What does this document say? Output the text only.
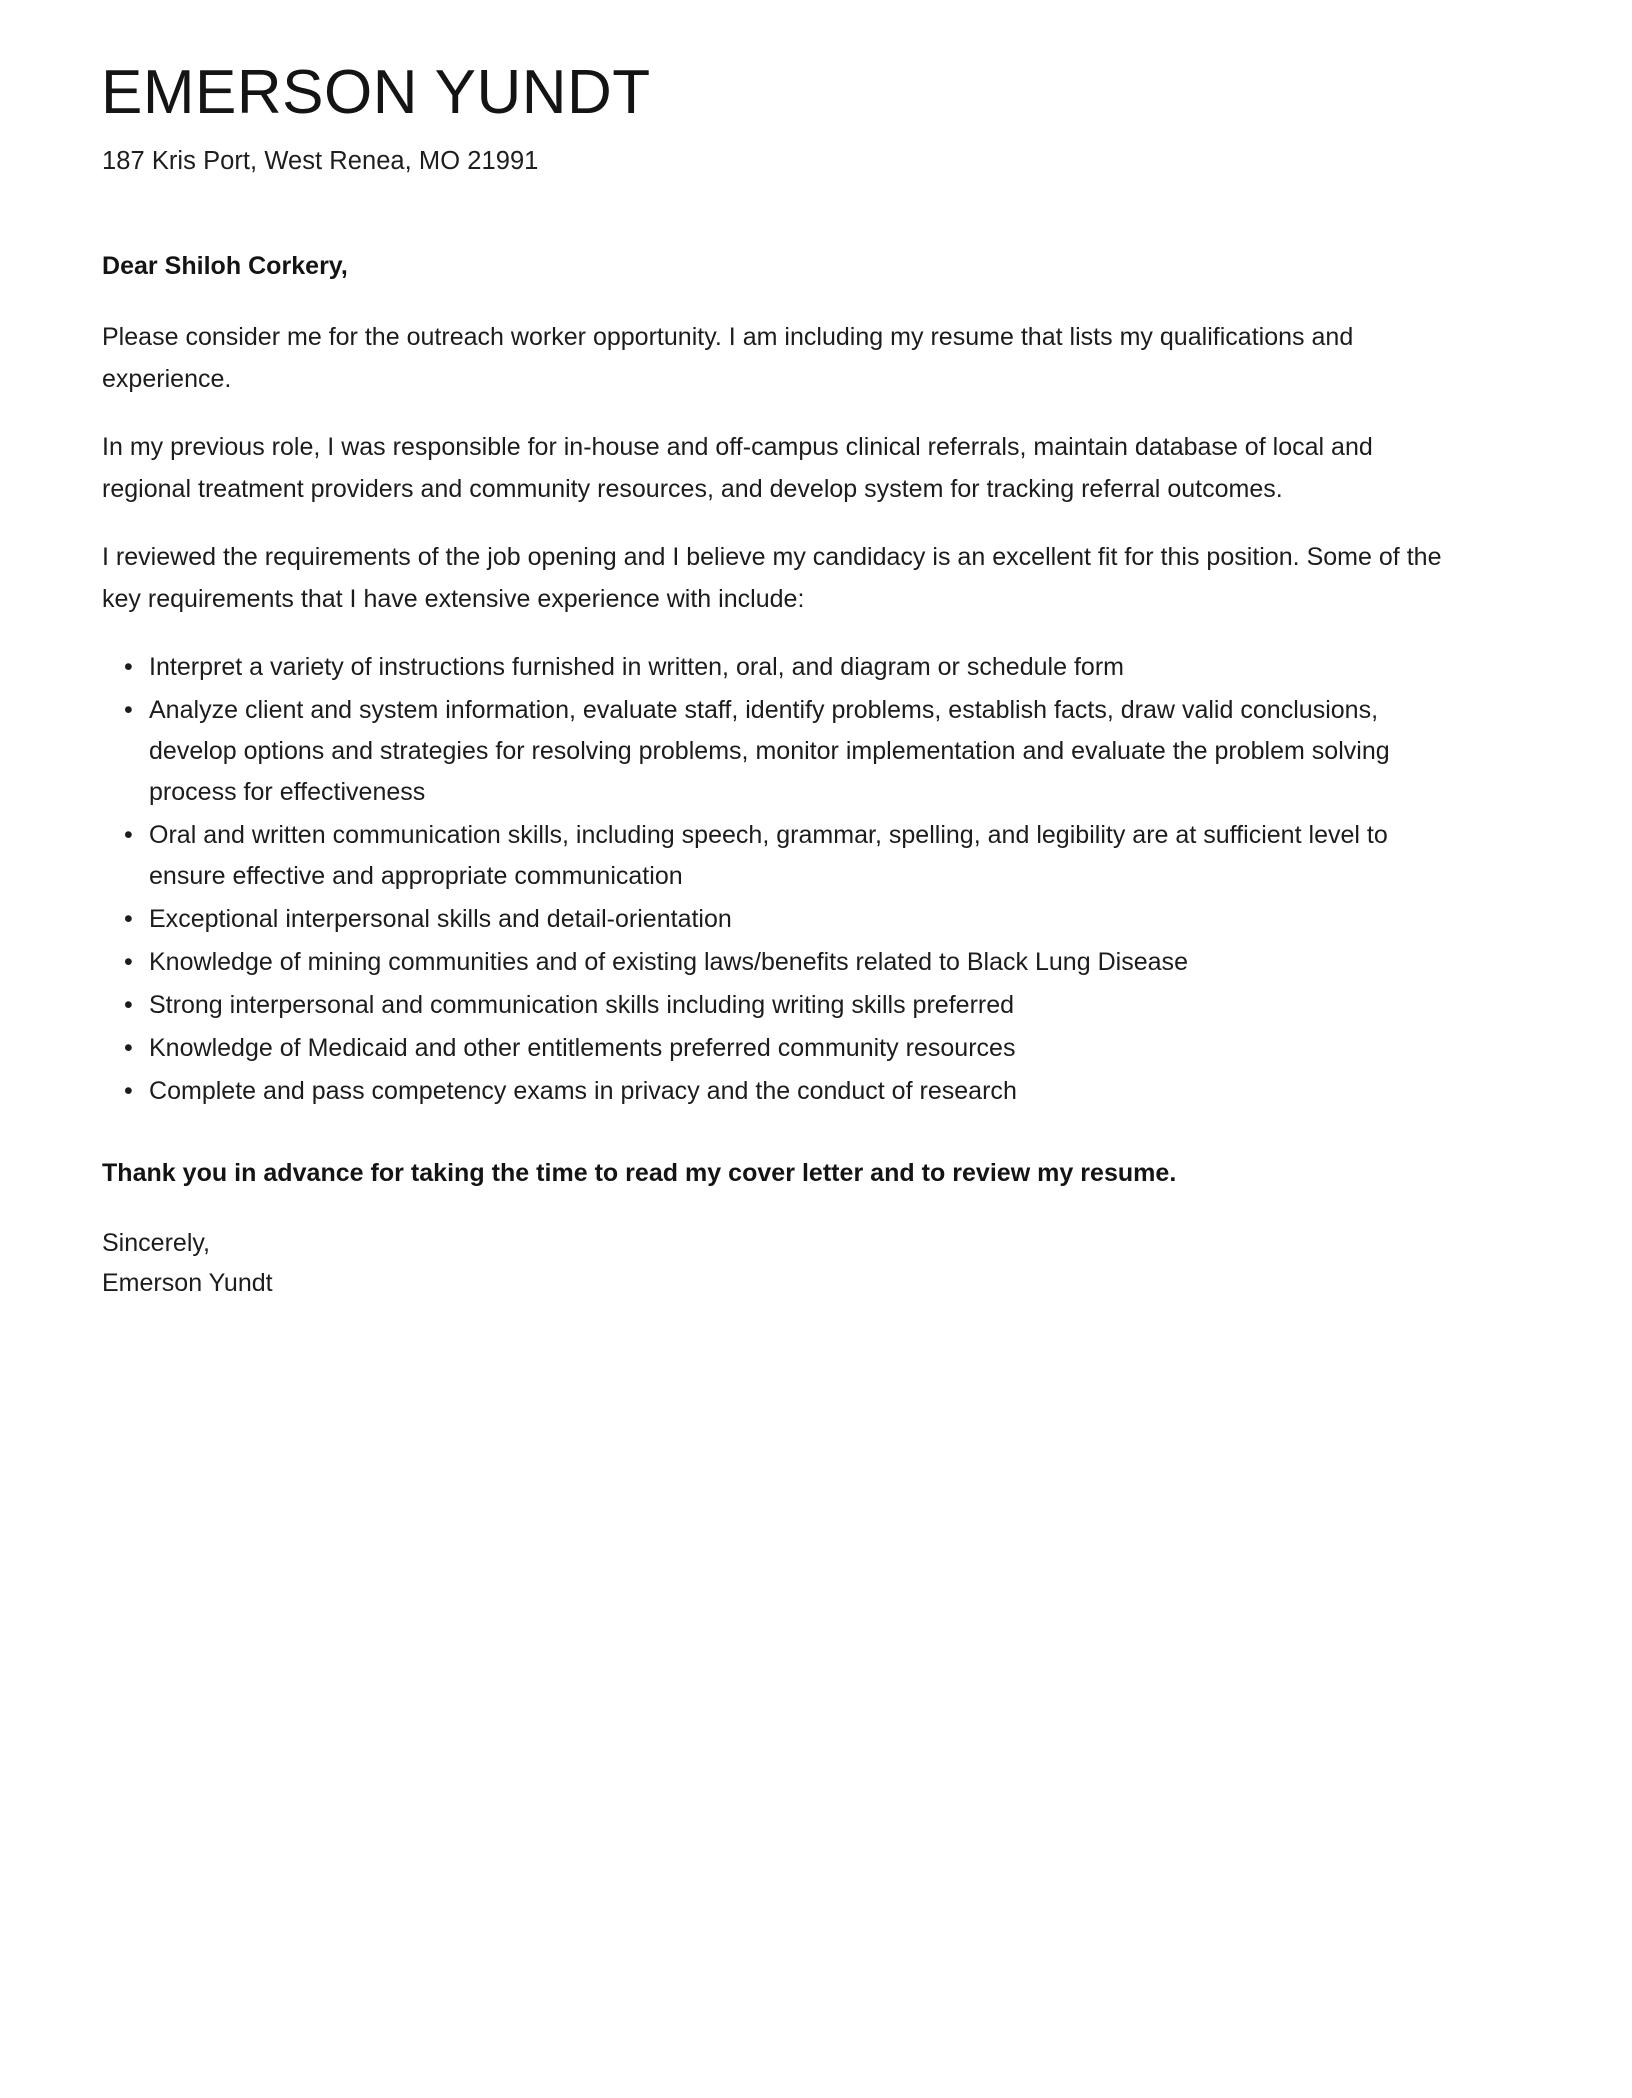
EMERSON YUNDT
187 Kris Port, West Renea, MO 21991
Dear Shiloh Corkery,

Please consider me for the outreach worker opportunity. I am including my resume that lists my qualifications and experience.

In my previous role, I was responsible for in-house and off-campus clinical referrals, maintain database of local and regional treatment providers and community resources, and develop system for tracking referral outcomes.

I reviewed the requirements of the job opening and I believe my candidacy is an excellent fit for this position. Some of the key requirements that I have extensive experience with include:

• Interpret a variety of instructions furnished in written, oral, and diagram or schedule form
• Analyze client and system information, evaluate staff, identify problems, establish facts, draw valid conclusions, develop options and strategies for resolving problems, monitor implementation and evaluate the problem solving process for effectiveness
• Oral and written communication skills, including speech, grammar, spelling, and legibility are at sufficient level to ensure effective and appropriate communication
• Exceptional interpersonal skills and detail-orientation
• Knowledge of mining communities and of existing laws/benefits related to Black Lung Disease
• Strong interpersonal and communication skills including writing skills preferred
• Knowledge of Medicaid and other entitlements preferred community resources
• Complete and pass competency exams in privacy and the conduct of research
Thank you in advance for taking the time to read my cover letter and to review my resume.
Sincerely,
Emerson Yundt
